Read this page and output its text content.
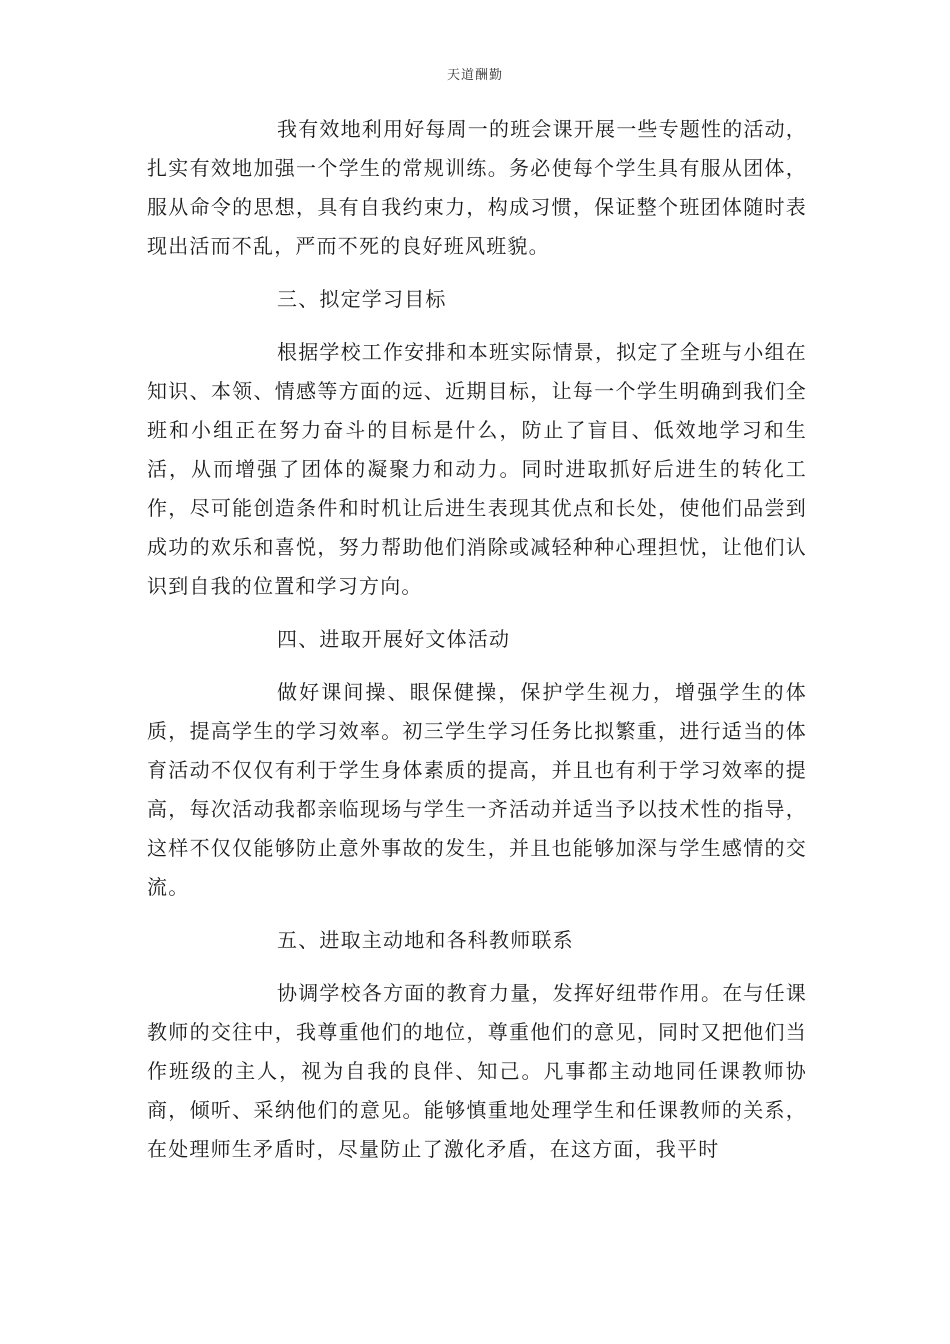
天道酬勤

我有效地利用好每周一的班会课开展一些专题性的活动，扎实有效地加强一个学生的常规训练。务必使每个学生具有服从团体，服从命令的思想，具有自我约束力，构成习惯，保证整个班团体随时表现出活而不乱，严而不死的良好班风班貌。

三、拟定学习目标

根据学校工作安排和本班实际情景，拟定了全班与小组在知识、本领、情感等方面的远、近期目标，让每一个学生明确到我们全班和小组正在努力奋斗的目标是什么，防止了盲目、低效地学习和生活，从而增强了团体的凝聚力和动力。同时进取抓好后进生的转化工作，尽可能创造条件和时机让后进生表现其优点和长处，使他们品尝到成功的欢乐和喜悦，努力帮助他们消除或减轻种种心理担忧，让他们认识到自我的位置和学习方向。

四、进取开展好文体活动

做好课间操、眼保健操，保护学生视力，增强学生的体质，提高学生的学习效率。初三学生学习任务比拟繁重，进行适当的体育活动不仅仅有利于学生身体素质的提高，并且也有利于学习效率的提高，每次活动我都亲临现场与学生一齐活动并适当予以技术性的指导，这样不仅仅能够防止意外事故的发生，并且也能够加深与学生感情的交流。

五、进取主动地和各科教师联系

协调学校各方面的教育力量，发挥好纽带作用。在与任课教师的交往中，我尊重他们的地位，尊重他们的意见，同时又把他们当作班级的主人，视为自我的良伴、知己。凡事都主动地同任课教师协商，倾听、采纳他们的意见。能够慎重地处理学生和任课教师的关系，在处理师生矛盾时，尽量防止了激化矛盾，在这方面，我平时
